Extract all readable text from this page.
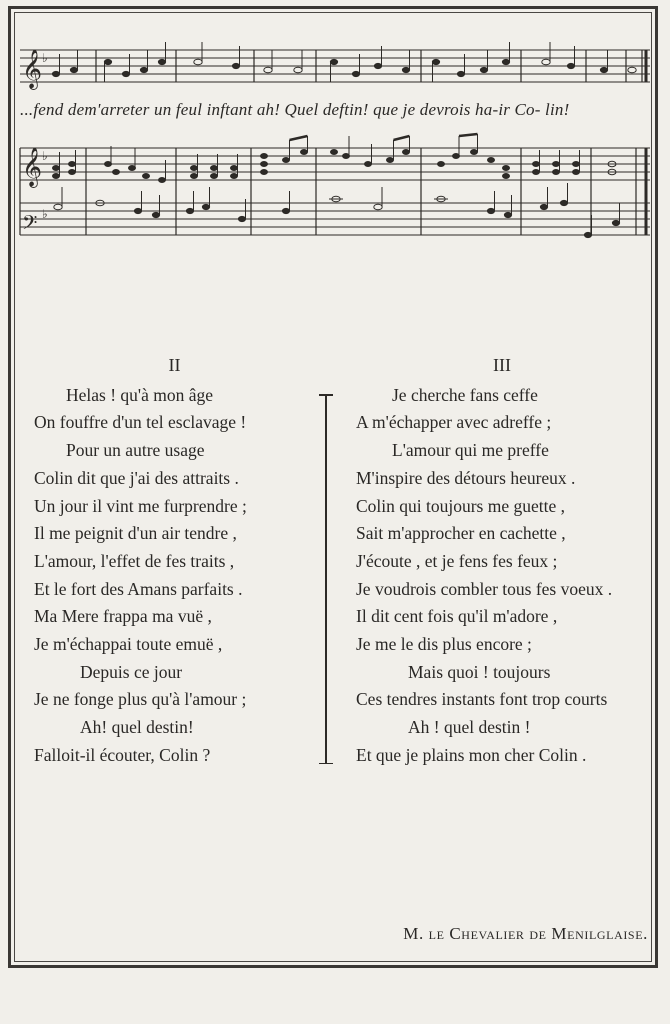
𝄞
𝄞
𝄢
♭
♭
♭
...fend dem'arreter un feul inftant ah! Quel deftin! que je devrois ha-ir Co- lin!
II
Helas ! qu'à mon âge
On fouffre d'un tel esclavage !
Pour un autre usage
Colin dit que j'ai des attraits .
Un jour il vint me furprendre ;
Il me peignit d'un air tendre ,
L'amour, l'effet de fes traits ,
Et le fort des Amans parfaits .
Ma Mere frappa ma vuë ,
Je m'échappai toute emuë ,
Depuis ce jour
Je ne fonge plus qu'à l'amour ;
Ah! quel destin!
Falloit-il écouter, Colin ?
III
Je cherche fans ceffe
A m'échapper avec adreffe ;
L'amour qui me preffe
M'inspire des détours heureux .
Colin qui toujours me guette ,
Sait m'approcher en cachette ,
J'écoute , et je fens fes feux ;
Je voudrois combler tous fes voeux .
Il dit cent fois qu'il m'adore ,
Je me le dis plus encore ;
Mais quoi ! toujours
Ces tendres instants font trop courts
Ah ! quel destin !
Et que je plains mon cher Colin .
M. le Chevalier de Menilglaise.
